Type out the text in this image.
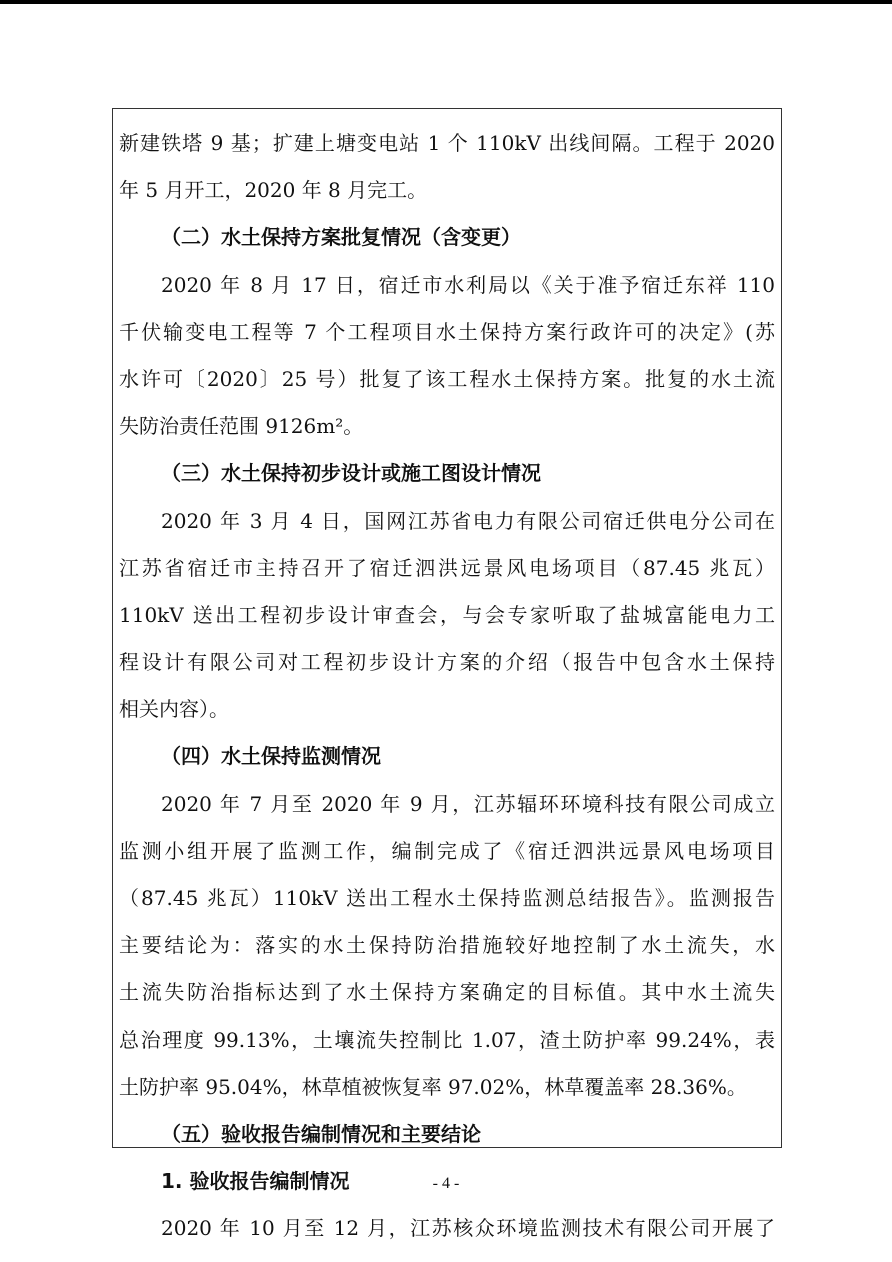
新建铁塔 9 基；扩建上塘变电站 1 个 110kV 出线间隔。工程于 2020
年 5 月开工，2020 年 8 月完工。
（二）水土保持方案批复情况（含变更）
2020 年 8 月 17 日，宿迁市水利局以《关于准予宿迁东祥 110
千伏输变电工程等 7 个工程项目水土保持方案行政许可的决定》(苏
水许可〔2020〕25 号）批复了该工程水土保持方案。批复的水土流
失防治责任范围 9126m²。
（三）水土保持初步设计或施工图设计情况
2020 年 3 月 4 日，国网江苏省电力有限公司宿迁供电分公司在
江苏省宿迁市主持召开了宿迁泗洪远景风电场项目（87.45 兆瓦）
110kV 送出工程初步设计审查会，与会专家听取了盐城富能电力工
程设计有限公司对工程初步设计方案的介绍（报告中包含水土保持
相关内容）。
（四）水土保持监测情况
2020 年 7 月至 2020 年 9 月，江苏辐环环境科技有限公司成立
监测小组开展了监测工作，编制完成了《宿迁泗洪远景风电场项目
（87.45 兆瓦）110kV 送出工程水土保持监测总结报告》。监测报告
主要结论为：落实的水土保持防治措施较好地控制了水土流失，水
土流失防治指标达到了水土保持方案确定的目标值。其中水土流失
总治理度 99.13%，土壤流失控制比 1.07，渣土防护率 99.24%，表
土防护率 95.04%，林草植被恢复率 97.02%，林草覆盖率 28.36%。
（五）验收报告编制情况和主要结论
1. 验收报告编制情况
2020 年 10 月至 12 月，江苏核众环境监测技术有限公司开展了
- 4 -
